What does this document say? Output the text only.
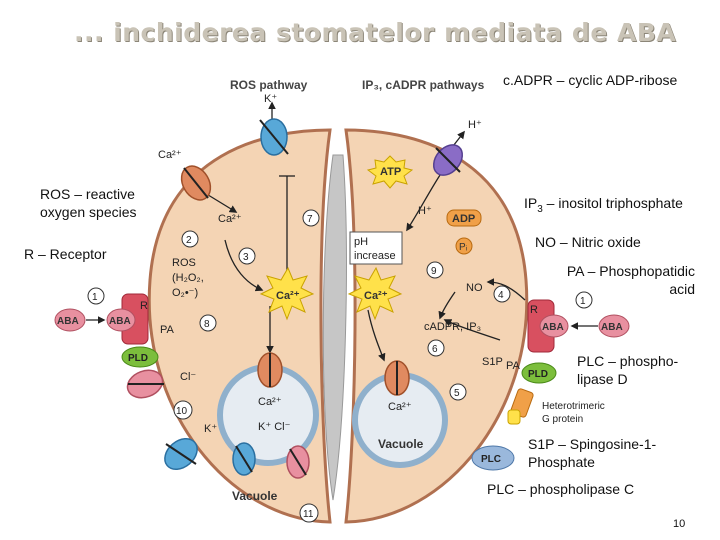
... inchiderea stomatelor mediata de ABA
Vacuole
Vacuole
ROS pathway	IP₃, cADPR pathways
ATP
ADP
Pᵢ
pH
increase
Ca²⁺	Ca²⁺
K⁺
H⁺
Ca²⁺
Ca²⁺
H⁺
ROS
(H₂O₂,
O₂•⁻)	NO
cADPR, IP₃
S1P PA
PA
Cl⁻
Ca²⁺	Ca²⁺
K⁺ Cl⁻
K⁺
R
ABA
ABA
PLD
R
ABA	ABA
PLD
Heterotrimeric
G protein
PLC
1	1
2
3
4
5
6
7
8
9
10
11
c.ADPR – cyclic ADP-ribose
ROS – reactive oxygen species
$IP_3$ – inositol triphosphate
NO – Nitric oxide
R – Receptor
PA – Phosphopatidic acid
PLC – phospho-lipase D
S1P – Spingosine-1-Phosphate
PLC – phospholipase C
10
